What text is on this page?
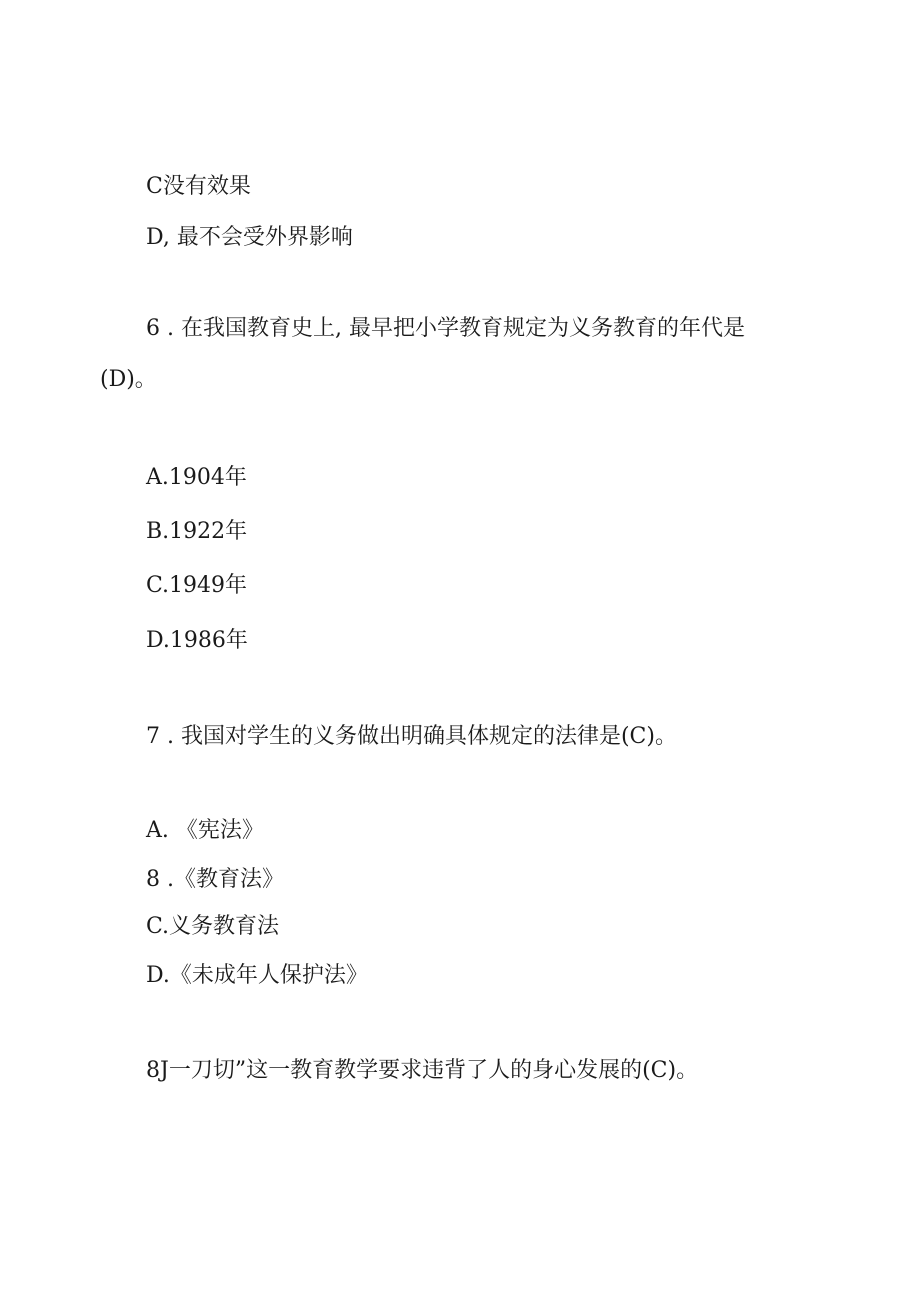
C没有效果
D, 最不会受外界影响
6 . 在我国教育史上, 最早把小学教育规定为义务教育的年代是
(D)。
A.1904年
B.1922年
C.1949年
D.1986年
7 . 我国对学生的义务做出明确具体规定的法律是(C)。
A. 《宪法》
8 .《教育法》
C.义务教育法
D.《未成年人保护法》
8J一刀切”这一教育教学要求违背了人的身心发展的(C)。
